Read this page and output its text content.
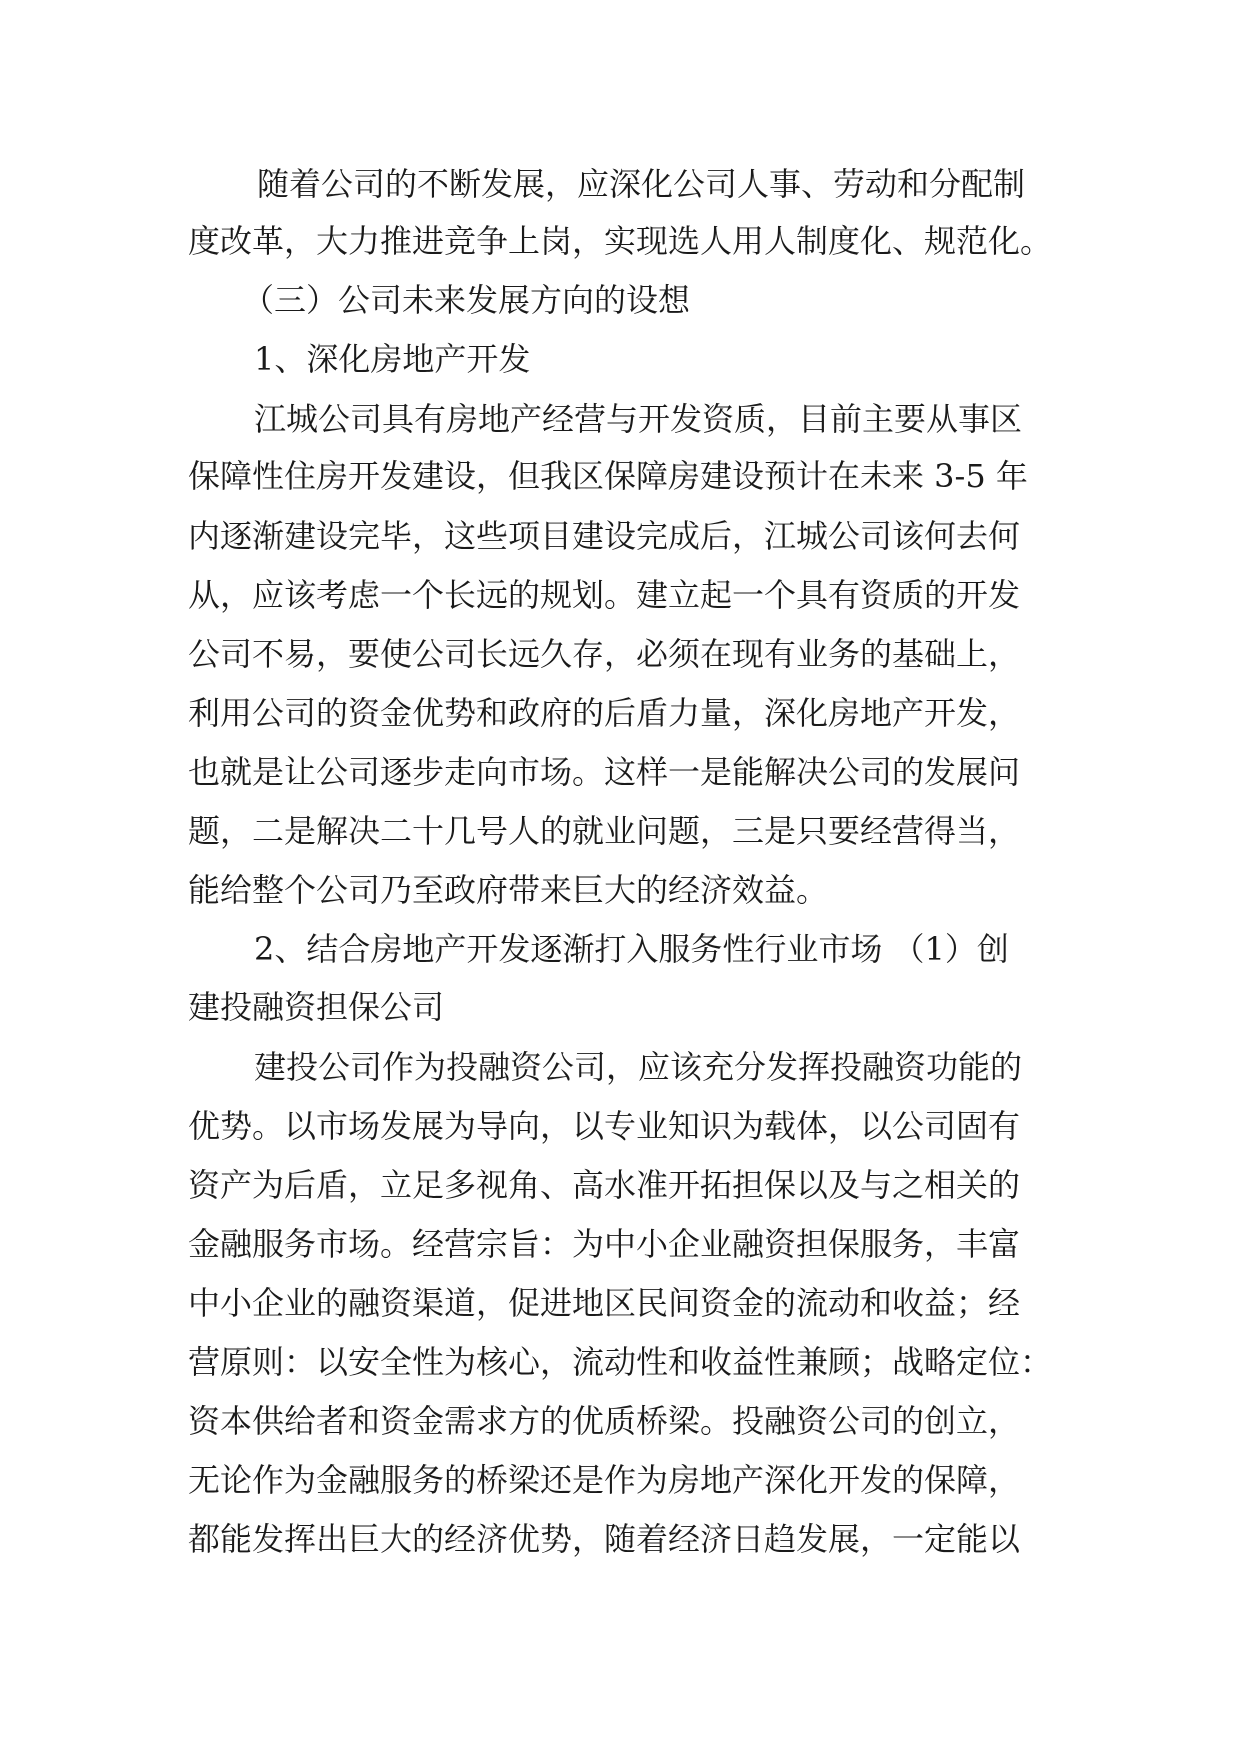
随着公司的不断发展，应深化公司人事、劳动和分配制
度改革，大力推进竞争上岗，实现选人用人制度化、规范化。
（三）公司未来发展方向的设想
1、深化房地产开发
江城公司具有房地产经营与开发资质，目前主要从事区
保障性住房开发建设，但我区保障房建设预计在未来 3-5 年
内逐渐建设完毕，这些项目建设完成后，江城公司该何去何
从，应该考虑一个长远的规划。建立起一个具有资质的开发
公司不易，要使公司长远久存，必须在现有业务的基础上，
利用公司的资金优势和政府的后盾力量，深化房地产开发，
也就是让公司逐步走向市场。这样一是能解决公司的发展问
题，二是解决二十几号人的就业问题，三是只要经营得当，
能给整个公司乃至政府带来巨大的经济效益。
2、结合房地产开发逐渐打入服务性行业市场 （1）创
建投融资担保公司
建投公司作为投融资公司，应该充分发挥投融资功能的
优势。以市场发展为导向，以专业知识为载体，以公司固有
资产为后盾，立足多视角、高水准开拓担保以及与之相关的
金融服务市场。经营宗旨：为中小企业融资担保服务，丰富
中小企业的融资渠道，促进地区民间资金的流动和收益；经
营原则：以安全性为核心，流动性和收益性兼顾；战略定位：
资本供给者和资金需求方的优质桥梁。投融资公司的创立，
无论作为金融服务的桥梁还是作为房地产深化开发的保障，
都能发挥出巨大的经济优势，随着经济日趋发展，一定能以
